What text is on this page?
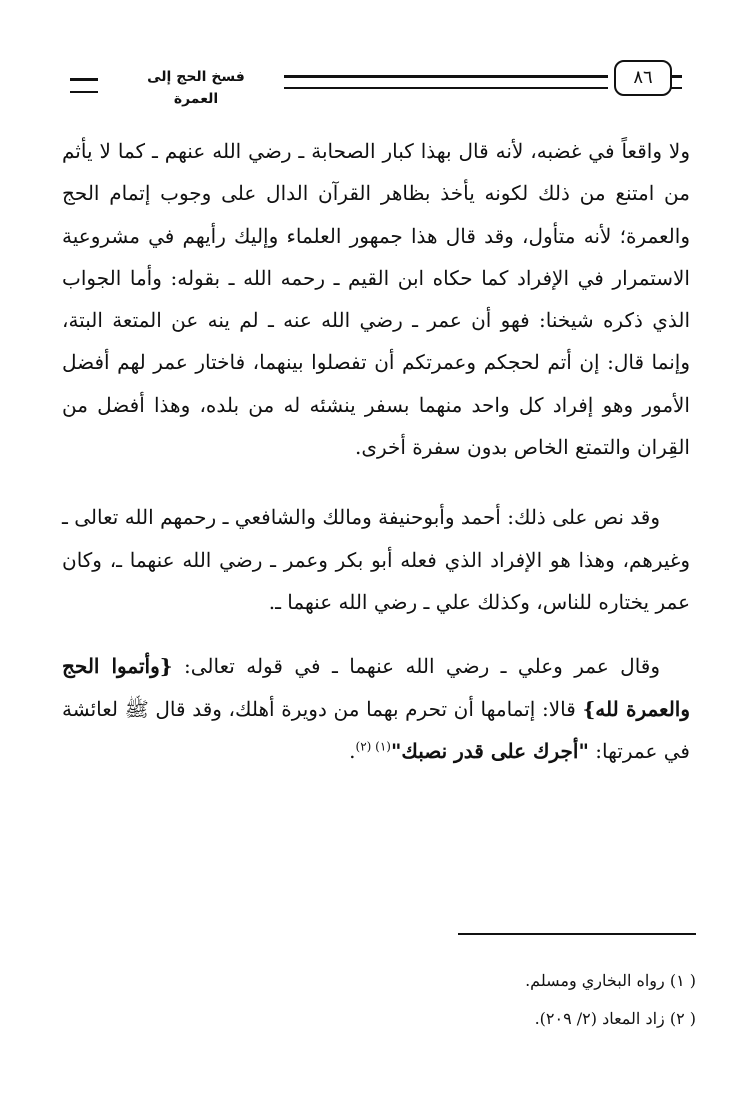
فسخ الحج إلى العمرة
٨٦

ولا واقعاً في غضبه، لأنه قال بهذا كبار الصحابة ـ رضي الله عنهم ـ كما لا يأثم من امتنع من ذلك لكونه يأخذ بظاهر القرآن الدال على وجوب إتمام الحج والعمرة؛ لأنه متأول، وقد قال هذا جمهور العلماء وإليك رأيهم في مشروعية الاستمرار في الإفراد كما حكاه ابن القيم ـ رحمه الله ـ بقوله: وأما الجواب الذي ذكره شيخنا: فهو أن عمر ـ رضي الله عنه ـ لم ينه عن المتعة البتة، وإنما قال: إن أتم لحجكم وعمرتكم أن تفصلوا بينهما، فاختار عمر لهم أفضل الأمور وهو إفراد كل واحد منهما بسفر ينشئه له من بلده، وهذا أفضل من القِران والتمتع الخاص بدون سفرة أخرى.

وقد نص على ذلك: أحمد وأبوحنيفة ومالك والشافعي ـ رحمهم الله تعالى ـ وغيرهم، وهذا هو الإفراد الذي فعله أبو بكر وعمر ـ رضي الله عنهما ـ، وكان عمر يختاره للناس، وكذلك علي ـ رضي الله عنهما ـ.

وقال عمر وعلي ـ رضي الله عنهما ـ في قوله تعالى: {وأتموا الحج والعمرة لله} قالا: إتمامها أن تحرم بهما من دويرة أهلك، وقد قال ﷺ لعائشة في عمرتها: "أجرك على قدر نصبك"$^{(١) (٢)}$.

( ١) رواه البخاري ومسلم.
( ٢) زاد المعاد (٢/ ٢٠٩).
